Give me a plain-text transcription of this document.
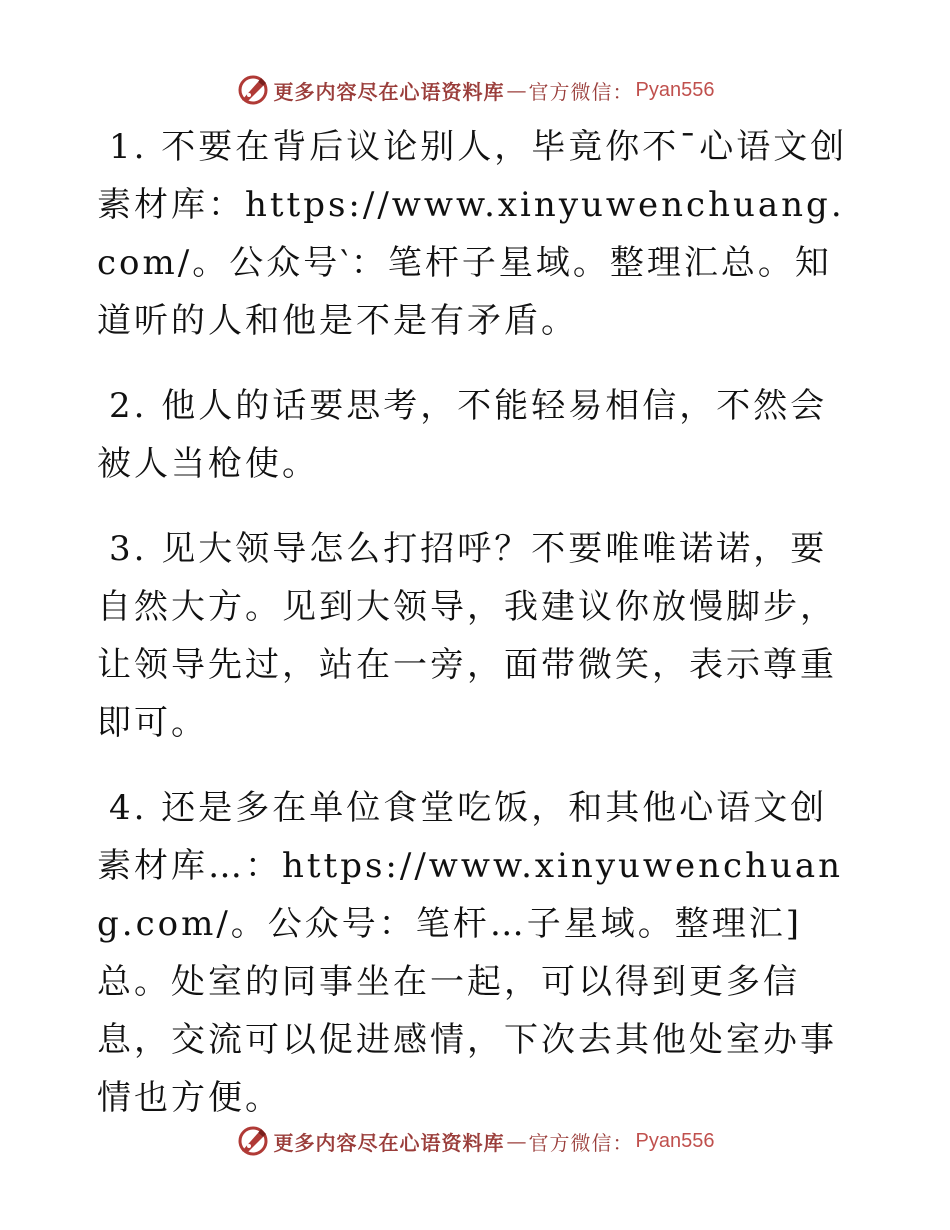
更多内容尽在心语资料库 — 官方微信： Pyan556

1. 不要在背后议论别人，毕竟你不¯心语文创素材库：https://www.xinyuwenchuang.com/。公众号‵：笔杆子星域。整理汇总。知道听的人和他是不是有矛盾。

2. 他人的话要思考，不能轻易相信，不然会被人当枪使。

3. 见大领导怎么打招呼？不要唯唯诺诺，要自然大方。见到大领导，我建议你放慢脚步，让领导先过，站在一旁，面带微笑，表示尊重即可。

4. 还是多在单位食堂吃饭，和其他心语文创素材库…：https://www.xinyuwenchuang.com/。公众号：笔杆…子星域。整理汇]总。处室的同事坐在一起，可以得到更多信息，交流可以促进感情，下次去其他处室办事情也方便。

更多内容尽在心语资料库 — 官方微信： Pyan556
